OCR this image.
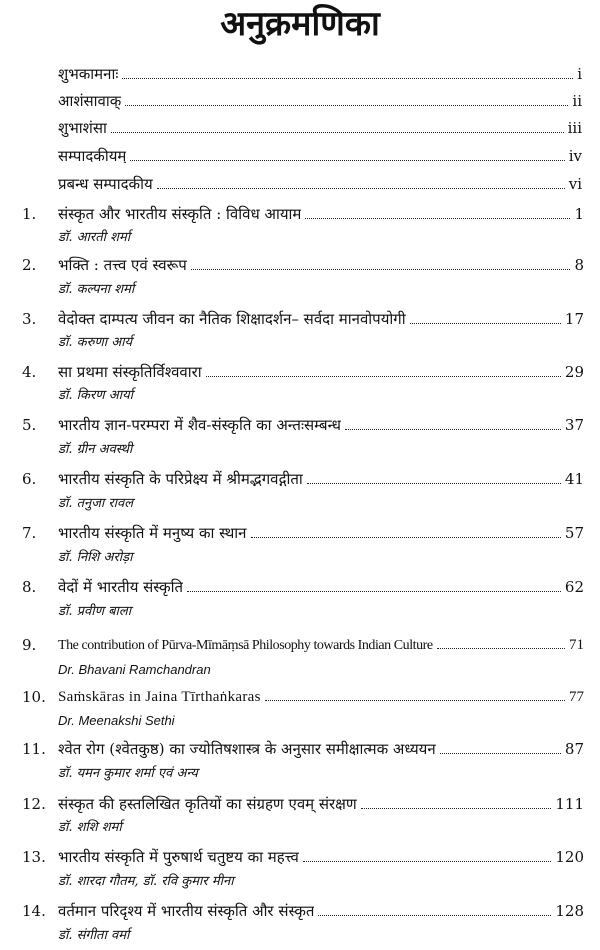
अनुक्रमणिका
शुभकामनाः	i
आशंसावाक्	ii
शुभाशंसा	iii
सम्पादकीयम्	iv
प्रबन्ध सम्पादकीय	vi
1.	संस्कृत और भारतीय संस्कृति : विविध आयाम	1
डॉ. आरती शर्मा
2.	भक्ति : तत्त्व एवं स्वरूप	8
डॉ. कल्पना शर्मा
3.	वेदोक्त दाम्पत्य जीवन का नैतिक शिक्षादर्शन– सर्वदा मानवोपयोगी	17
डॉ. करुणा आर्य
4.	सा प्रथमा संस्कृतिर्विश्ववारा	29
डॉ. किरण आर्या
5.	भारतीय ज्ञान-परम्परा में शैव-संस्कृति का अन्तःसम्बन्ध	37
डॉ. ग्रीन अवस्थी
6.	भारतीय संस्कृति के परिप्रेक्ष्य में श्रीमद्भगवद्गीता	41
डॉ. तनुजा रावल
7.	भारतीय संस्कृति में मनुष्य का स्थान	57
डॉ. निशि अरोड़ा
8.	वेदों में भारतीय संस्कृति	62
डॉ. प्रवीण बाला
9.	The contribution of Pūrva-Mīmāṃsā Philosophy towards Indian Culture	71
Dr. Bhavani Ramchandran
10. Saṁskāras in Jaina Tīrthaṅkaras	77
Dr. Meenakshi Sethi
11. श्वेत रोग (श्वेतकुष्ठ) का ज्योतिषशास्त्र के अनुसार समीक्षात्मक अध्ययन	87
डॉ. यमन कुमार शर्मा एवं अन्य
12. संस्कृत की हस्तलिखित कृतियों का संग्रहण एवम् संरक्षण	111
डॉ. शशि शर्मा
13. भारतीय संस्कृति में पुरुषार्थ चतुष्टय का महत्त्व	120
डॉ. शारदा गौतम, डॉ. रवि कुमार मीना
14. वर्तमान परिदृश्य में भारतीय संस्कृति और संस्कृत	128
डॉ. संगीता वर्मा
